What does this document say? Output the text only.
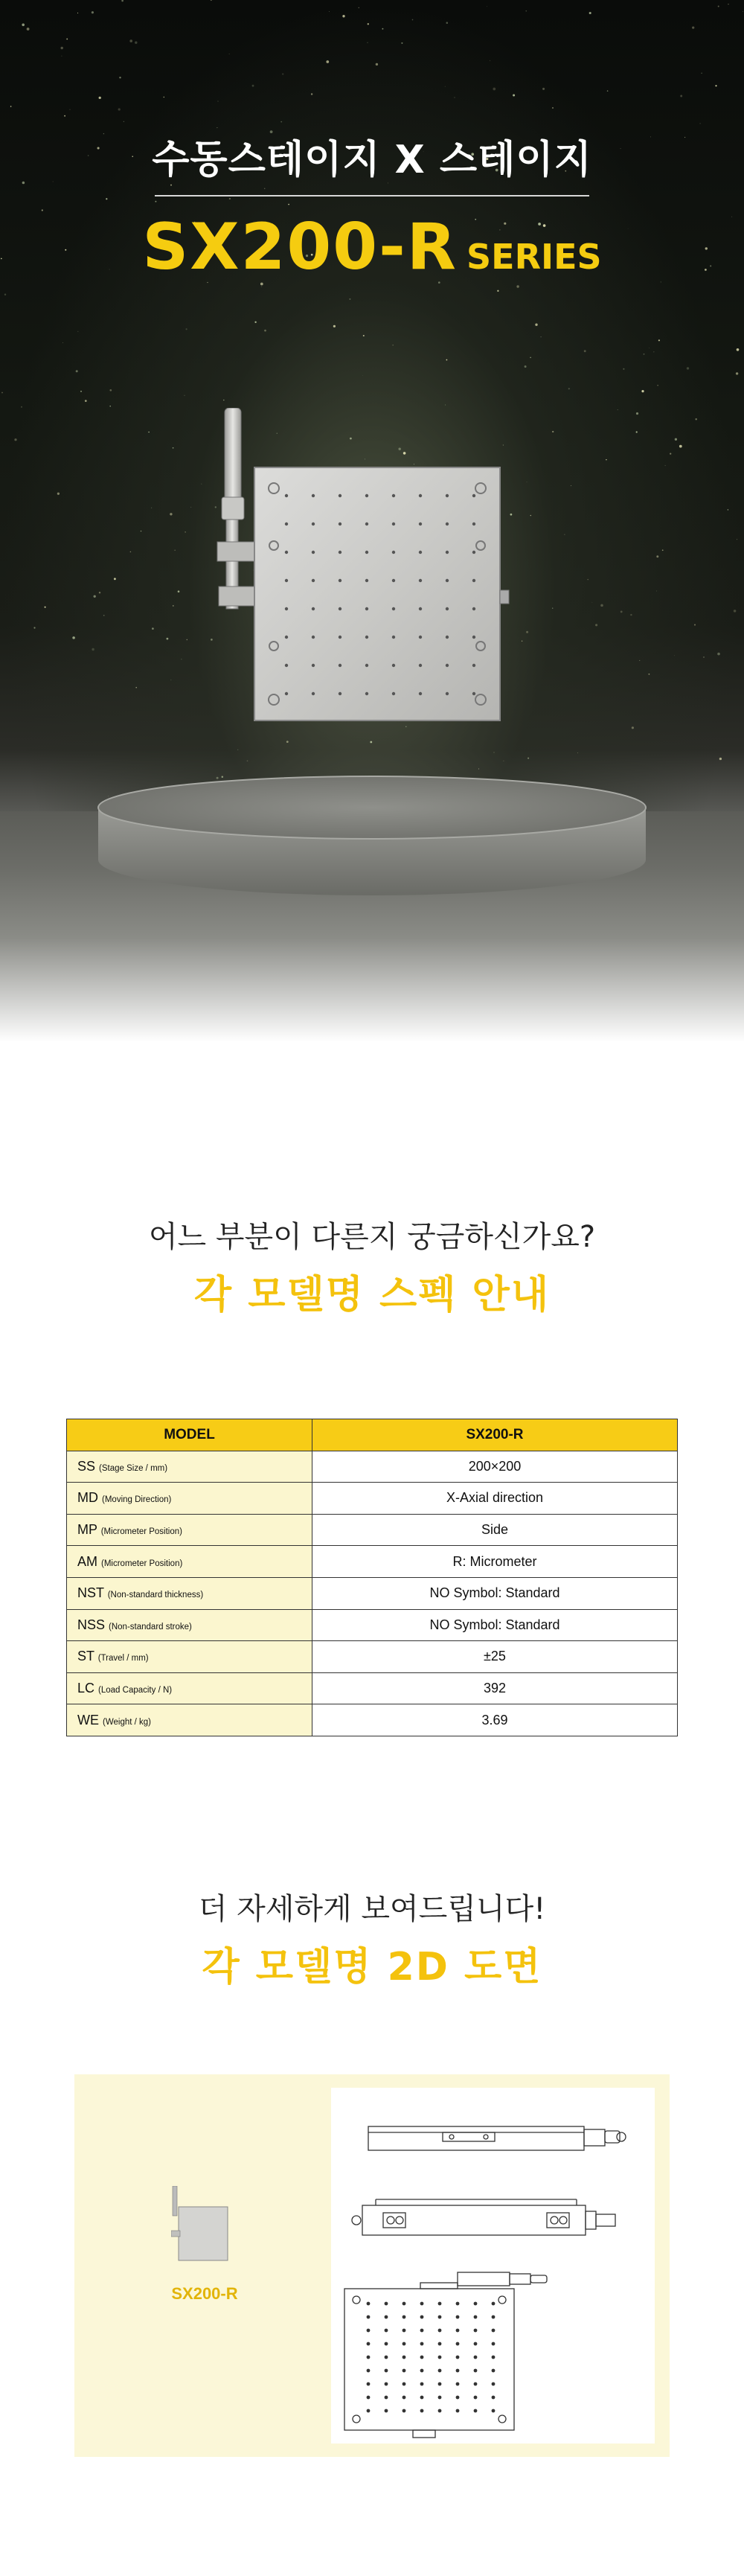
수동스테이지 X 스테이지
SX200-R SERIES
어느 부분이 다른지 궁금하신가요?
각 모델명 스펙 안내
MODEL	SX200-R
SS (Stage Size / mm)	200×200
MD (Moving Direction)	X-Axial direction
MP (Micrometer Position)	Side
AM (Micrometer Position)	R: Micrometer
NST (Non-standard thickness)	NO Symbol: Standard
NSS (Non-standard stroke)	NO Symbol: Standard
ST (Travel / mm)	±25
LC (Load Capacity / N)	392
WE (Weight / kg)	3.69
더 자세하게 보여드립니다!
각 모델명 2D 도면
SX200-R
